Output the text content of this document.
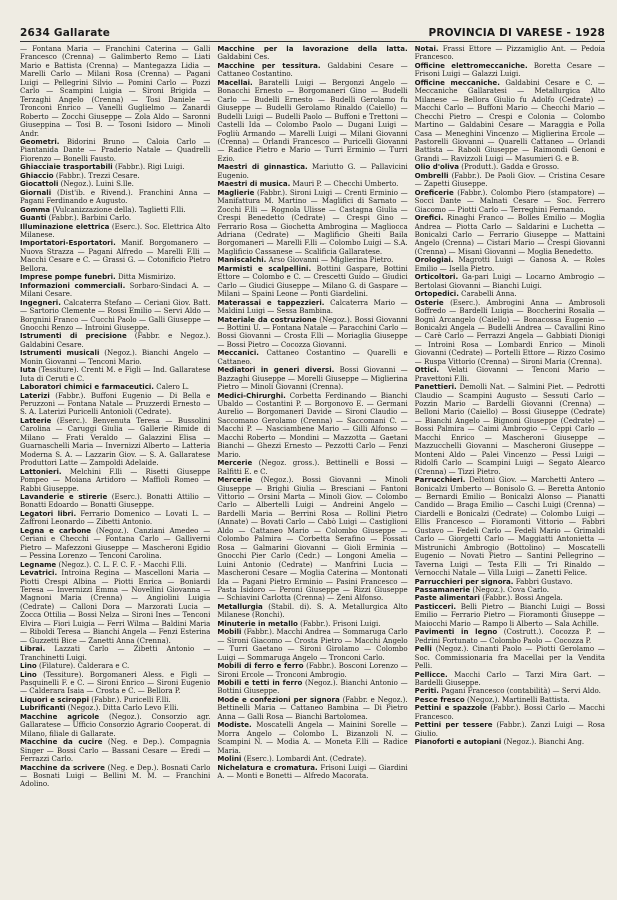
2634 Gallarate	PROVINCIA DI VARESE - 1928

— Fontana Maria — Franchini Caterina — Galli Francesco (Crenna) — Galimberto Remo — Liati Mario e Battista (Crenna) — Mantegazza Lidia — Marelli Carlo — Milani Rosa (Crenna) — Pagani Luigi — Pellegrini Silvio — Pomini Carlo — Pozzi Carlo — Scampini Luigia — Sironi Brigida — Terzaghi Angelo (Crenna) — Tosi Daniele — Tronconi Enrico — Vanelli Guglielmo — Zanardi Roberto — Zocchi Giuseppe — Zola Aldo — Saronni Giuseppina — Tosi B. — Tosoni Isidoro — Minoli Andr.

Geometri. Bidorini Bruno — Caloia Carlo — Piantanida Dante — Praderio Natale — Quadrelli Fiorenzo — Bonelli Fausto.

Ghiacciaie trasportabili (Fabbr.). Rigi Luigi.

Ghiaccio (Fabbr.). Trezzi Cesare.

Giocattoli (Negoz.). Luini S.lle.

Giornali (Dist'ib. e Rivend.). Franchini Anna — Pagani Ferdinando e Augusto.

Gomma (Vulcanizzazione della). Taglietti F.lli.

Guanti (Fabbr.). Barbini Carlo.

Illuminazione elettrica (Eserc.). Soc. Elettrica Alto Milanese.

Importatori-Esportatori. Manif. Borgomanero — Nuova Strazza — Pagani Alfredo — Marelli F.lli — Macchi Cesare e C. — Grassi G. — Cotonificio Pietro Bellora.

Imprese pompe funebri. Ditta Mismirizo.

Informazioni commerciali. Sorbaro-Sindaci A. — Milani Cesare.

Ingegneri. Calcaterra Stefano — Ceriani Giov. Batt. — Sartorio Clemente — Rossi Emilio — Servi Aldo — Borgnini Franco — Cucchi Paolo — Galli Giuseppe — Gnocchi Renzo — Introini Giuseppe.

Istrumenti di precisione (Fabbr. e Negoz.). Galdabini Cesare.

Istrumenti musicali (Negoz.). Bianchi Angelo — Monin Giovanni — Tenconi Mario.

Iuta (Tessiture). Crenti M. e Figli — Ind. Gallaratese Iuta di Ceruti e C.

Laboratori chimici e farmaceutici. Calero L.

Laterizi (Fabbr.). Buffoni Eugenio — Di Bella e Peruzzoni — Fontana Natale — Pruzzerdi Ernesto — S. A. Laterizi Puricelli Antonioli (Cedrate).

Latterie (Eserc.). Benvenuta Teresa — Bussolini Carolina — Caruggi Giulia — Gallerie Rimide di Milano — Frati Veraldo — Galazzini Elisa — Guarnaschelli Maria — Invernizzi Alberto — Latteria Moderna S. A. — Lazzarin Giov. — S. A. Gallaratese Produttori Latte — Zampoldi Adelaide.

Lattonieri. Melchini F.lli — Risetti Giuseppe Pompeo — Moiana Artidoro — Maffioli Romeo — Rabbi Giuseppe.

Lavanderie e stirerie (Eserc.). Bonatti Attilio — Bonatti Edoardo — Bonatti Giuseppe.

Legatori libri. Ferrario Domenico — Lovati L. — Zaffroni Leonardo — Zibetti Antonio.

Legna e carbone (Negoz.). Canziani Amedeo — Ceriani e Checchi — Fontana Carlo — Galliverni Pietro — Mafezzoni Giuseppe — Mascheroni Egidio — Pessina Lorenzo — Tenconi Carolina.

Legname (Negoz.). C. L. F. C. F. - Macchi F.lli.

Levatrici. Introina Regina — Mascelloni Maria — Piotti Crespi Albina — Piotti Enrica — Boniardi Teresa — Invernizzi Emma — Novellini Giovanna — Magnoni Maria (Crenna) — Angiolini Luigia (Cedrate) — Calloni Dora — Marzorati Lucia — Zocca Ottilia — Bossi Nelza — Sironi Ines — Tenconi Elvira — Fiori Luigia — Ferri Wilma — Baldini Maria — Riboldi Teresa — Bianchi Angela — Fenzi Esterina — Guzzetti Bice — Zanetti Anna (Crenna).

Librai. Lazzati Carlo — Zibetti Antonio — Tranchinetti Luigi.

Lino (Filature). Calderara e C.

Lino (Tessiture). Borgomaneri Aless. e Figli — Pasquinelli F. e C. — Sironi Enrico — Sironi Eugenio — Calderara Isaia — Crosta e C. — Bellora P.

Liquori e sciroppi (Fabbr.). Puricelli F.lli.

Lubrificanti (Negoz.). Ditta Carlo Levo F.lli.

Macchine agricole (Negoz.). Consorzio agr. Gallaratese — Ufficio Consorzio Agrario Cooperat. di Milano, filiale di Gallarate.

Macchine da cucire (Neg. e Dep.). Compagnia Singer — Bossi Carlo — Bassani Cesare — Eredi — Ferrazzi Carlo.

Macchine da scrivere (Neg. e Dep.). Bosnati Carlo — Bosnati Luigi — Bellini M. M. — Franchini Adolino.

Macchine per la lavorazione della latta. Galdabini Ces.

Macchine per tessitura. Galdabini Cesare — Cattaneo Costantino.

Macellai. Baratelli Luigi — Bergonzi Angelo — Bonacchi Ernesto — Borgomaneri Gino — Budelli Carlo — Budelli Ernesto — Budelli Gerolamo fu Giuseppe — Budelli Gerolamo Rinaldo (Caiello) — Budelli Luigi — Budelli Paolo — Buffoni e Trettoni — Castelli Ida — Colombo Paolo — Dugani Luigi — Fogliù Armando — Marelli Luigi — Milani Giovanni (Crenna) — Orlandi Francesco — Puricelli Giovanni — Radice Pietro e Mario — Turri Erminio — Turri Ezio.

Maestri di ginnastica. Mariutto G. — Pallavicini Eugenio.

Maestri di musica. Mauri P. — Checchi Umberto.

Maglierie (Fabbr.). Sironi Luigi — Crenti Erminio — Manifattura M. Martino — Maglifici di Sarnato — Zocchi F.lli — Rognola Ulisse — Castagna Giulia — Crespi Benedetto (Cedrate) — Crespi Gino — Ferrario Rosa — Giochetta Ambrogina — Magliocca Adriana (Cedrate) — Maglificio Gheiti Baila Borgomaneri — Marelli F.lli — Colombo Luigi — S.A. Maglificio Cassanese — Scalificia Gallaratese.

Maniscalchi. Arso Giovanni — Miglierina Pietro.

Marmisti e scalpellini. Bottini Gaspare, Bottini Ettore — Colombo e C. — Crescetti Guido — Giudici Carlo — Giudici Giuseppe — Milano G. di Gaspare — Milani — Spaini Leone — Ponti Giardelini.

Materassai e tappezzieri. Calcaterra Mario — Maldini Luigi — Sessa Bambina.

Materiale da costruzione (Negoz.). Bossi Giovanni — Bottini U. — Fontana Natale — Paracchini Carlo — Bossi Giovanni — Crosta F.lli — Moriaglia Giuseppe — Bossi Pietro — Cocozza Giovanni.

Meccanici. Cattaneo Costantino — Quarelli e Cattaneo.

Mediatori in generi diversi. Bossi Giovanni — Bazzaghi Giuseppe — Morelli Giuseppe — Miglierina Pietro — Minoli Giovanni (Crenna).

Medici-Chirurghi. Corbetta Ferdinando — Bianchi Ubaldo — Costantini P. — Borgonovo E. — Germani Aurelio — Borgomaneri Davide — Sironi Claudio — Saccomano Gerolamo (Crenna) — Saccomani C. — Macchi P. — Nasciambene Mario — Gilli Alfonso — Macchi Roberto — Mondini — Mazzotta — Gaetani Bianchi — Ghezzi Ernesto — Pezzotti Carlo — Fenzi Mario.

Mercerie (Negoz. gross.). Bettinelli e Bossi — Ralfitti E. e C.

Mercerie (Negoz.). Bossi Giovanni — Minoli Giuseppe — Brighi Giulia — Bresciani — Fantoni Vittorio — Orsini Marta — Minoli Giov. — Colombo Carlo — Albertelli Luigi — Andreini Angelo — Bardelli Maria — Berrini Rosa — Rollini Pietro (Annate) — Bovati Carlo — Cabò Luigi — Castiglioni Aldo — Cattaneo Mario — Colombo Giuseppe — Colombo Palmira — Corbetta Serafino — Fossati Rosa — Galmarini Giovanni — Gioli Erminia — Gnocchi Pier Carlo (Cedr.) — Longoni Amelia — Luini Antonio (Cedrate) — Manfrini Lucia — Mascheroni Cesare — Moglia Caterina — Montonati Ida — Pagani Pietro Erminio — Pasini Francesco — Pasta Isidoro — Peroni Giuseppe — Rizzi Giuseppe — Schiavini Carlotta (Crenna) — Zeni Alfonso.

Metallurgia (Stabil. di). S. A. Metallurgica Alto Milanese (Ronchi).

Minuterie in metallo (Fabbr.). Frisoni Luigi.

Mobili (Fabbr.). Macchi Andrea — Sommaruga Carlo — Sironi Giacomo — Crosta Pietro — Macchi Angelo — Turri Gaetano — Sironi Girolamo — Colombo Luigi — Sommaruga Angelo — Tronconi Carlo.

Mobili di ferro e ferro (Fabbr.). Bosconi Lorenzo — Sironi Ercole — Tronconi Ambrogio.

Mobili e tetti in ferro (Negoz.). Bianchi Antonio — Bottini Giuseppe.

Mode e confezioni per signora (Fabbr. e Negoz.). Bettinelli Maria — Cattaneo Bambina — Di Pietro Anna — Galli Rosa — Bianchi Bartolomea.

Modiste. Moscatelli Angela — Mainini Sorelle — Morra Angelo — Colombo L. Bizanzoli N. — Scampini N. — Modia A. — Moneta F.lli — Radice Maria.

Molini (Eserc.). Lombardi Ant. (Cedrate).

Nichelatura e cromatura. Frisoni Luigi — Giardini A. — Monti e Bonetti — Alfredo Macorata.

Notai. Frassi Ettore — Pizzamiglio Ant. — Pedoia Francesco.

Officine elettromeccaniche. Boretta Cesare — Frisoni Luigi — Galazzi Luigi.

Officine meccaniche. Galdabini Cesare e C. — Meccaniche Gallaratesi — Metallurgica Alto Milanese — Bellora Giulio fu Adolfo (Cedrate) — Macchi Carlo — Buffoni Mario — Checchi Mario — Checchi Pietro — Crespi e Colonia — Colombo Martino — Galdabini Cesare — Maraggia e Polla Casa — Meneghini Vincenzo — Miglierina Ercole — Pastorelli Giovanni — Quarelli Cattaneo — Orlandi Battista — Raboli Giuseppe — Raimondi Genoni e Grandi — Ravizzoli Luigi — Masumieri G. e B.

Olio d'oliva (Produtt.). Gadda e Grosso.

Ombrelli (Fabbr.). De Paoli Giov. — Cristina Cesare — Zapetti Giuseppe.

Oreficerie (Fabbr.). Colombo Piero (stampatore) — Socci Dante — Malnati Cesare — Soc. Ferrero Giacomo — Piotti Carlo — Terreghini Fernando.

Orefici. Rinaghi Franco — Bolles Emilio — Moglia Andrea — Piotta Carlo — Saldarini e Luchetta — Bonicalzi Carlo — Ferrario Giuseppe — Mattaini Angelo (Crenna) — Cistari Mario — Crespi Giovanni (Crenna) — Misani Giovanni — Moglia Benedetto.

Orologiai. Magrotti Luigi — Ganosa A. — Roles Emilio — Isella Pietro.

Orticoltori. Ga-pari Luigi — Locarno Ambrogio — Bertolasi Giovanni — Bianchi Luigi.

Ortopedici. Carabelli Anna.

Osterie (Eserc.). Ambrogini Anna — Ambrosoli Goffredo — Bardelli Luigia — Boccherini Rosalia — Bognì Arcangelo (Caiello) — Bonacossa Eugenio — Bonicalzi Angela — Budelli Andrea — Cavallini Rino — Carè Carlo — Ferrazzi Angela — Gabbiati Dionigi — Introini Rosa — Lombardi Enrico — Minoli Giovanni (Cedrate) — Portelli Ettore — Rizzo Cosimo — Ruspa Vittorio (Crenna) — Sironi Maria (Crenna).

Ottici. Velati Giovanni — Tenconi Mario — Pravettoni F.lli.

Panettieri. Demolli Nat. — Salmini Piet. — Pedrotti Claudio — Scampini Augusto — Sessuti Carlo — Pozzin Mario — Bardelli Giovanni (Crenna) — Belloni Mario (Caiello) — Bossi Giuseppe (Cedrate) — Bianchi Angelo — Bignoni Giuseppe (Cedrate) — Bossi Palmira — Caimi Ambrogio — Ceppi Carlo — Macchi Enrico — Mascheroni Giuseppe — Mazzucchelli Giovanni — Mascheroni Giuseppe — Monteni Aldo — Palei Vincenzo — Pessi Luigi — Ridolfi Carlo — Scampini Luigi — Segato Alearco (Crenna) — Tizzi Pietro.

Parrucchieri. Deltoni Giov. — Marchetti Antero — Bonicalzi Umberto — Bonisolo G. — Beretta Antonio — Bernardi Emilio — Bonicalzi Alonso — Pianatti Candido — Braga Emilio — Caschi Luigi (Crenna) — Ciardelli e Bonicalzi (Cedrate) — Colombo Luigi — Ellis Francesco — Fioramonti Vittorio — Fabbri Gustavo — Fedeli Carlo — Fedeli Mario — Grimaldi Carlo — Giorgetti Carlo — Maggiatti Antonietta — Mistrunichi Ambrogio (Bottolino) — Moscatelli Eugenio — Novati Pietro — Santini Pellegrino — Taverna Luigi — Testa F.lli — Tri Rinaldo — Vernocchi Natale — Villa Luigi — Zanetti Felice.

Parrucchieri per signora. Fabbri Gustavo.

Passamanerie (Negoz.). Cova Carlo.

Paste alimentari (Fabbr.). Bossi Angela.

Pasticceri. Belli Pietro — Bianchi Luigi — Bossi Emilio — Ferrario Pietro — Fioramonti Giuseppe — Maiocchi Mario — Rampo li Alberto — Sala Achille.

Pavimenti in legno (Costrutt.). Cocozza P. — Pedrini Fortunato — Colombo Paolo — Cocozza P.

Pelli (Negoz.). Cinanti Paolo — Piotti Gerolamo — Soc. Commissionaria fra Macellai per la Vendita Pelli.

Pellicce. Macchi Carlo — Tarzi Mira Gart. — Bardelli Giuseppe.

Periti. Pagani Francesco (contabilità) — Servi Aldo.

Pesce fresco (Negoz.). Martinelli Battista.

Pettini e spazzole (Fabbr.). Bossi Carlo — Macchi Francesco.

Pettini per tessere (Fabbr.). Zanzi Luigi — Rosa Giulio.

Pianoforti e autopiani (Negoz.). Bianchi Ang.
